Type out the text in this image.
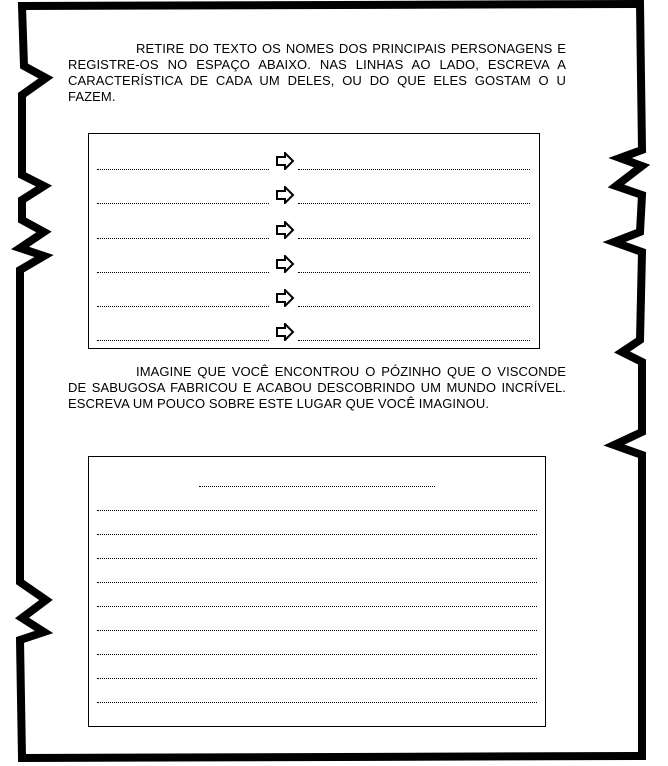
RETIRE DO TEXTO OS NOMES DOS PRINCIPAIS PERSONAGENS E REGISTRE-OS NO ESPAÇO ABAIXO. NAS LINHAS AO LADO, ESCREVA A CARACTERÍSTICA DE CADA UM DELES, OU DO QUE ELES GOSTAM O U FAZEM.
IMAGINE QUE VOCÊ ENCONTROU O PÓZINHO QUE O VISCONDE DE SABUGOSA FABRICOU E ACABOU DESCOBRINDO UM MUNDO INCRÍVEL. ESCREVA UM POUCO SOBRE ESTE LUGAR QUE VOCÊ IMAGINOU.
